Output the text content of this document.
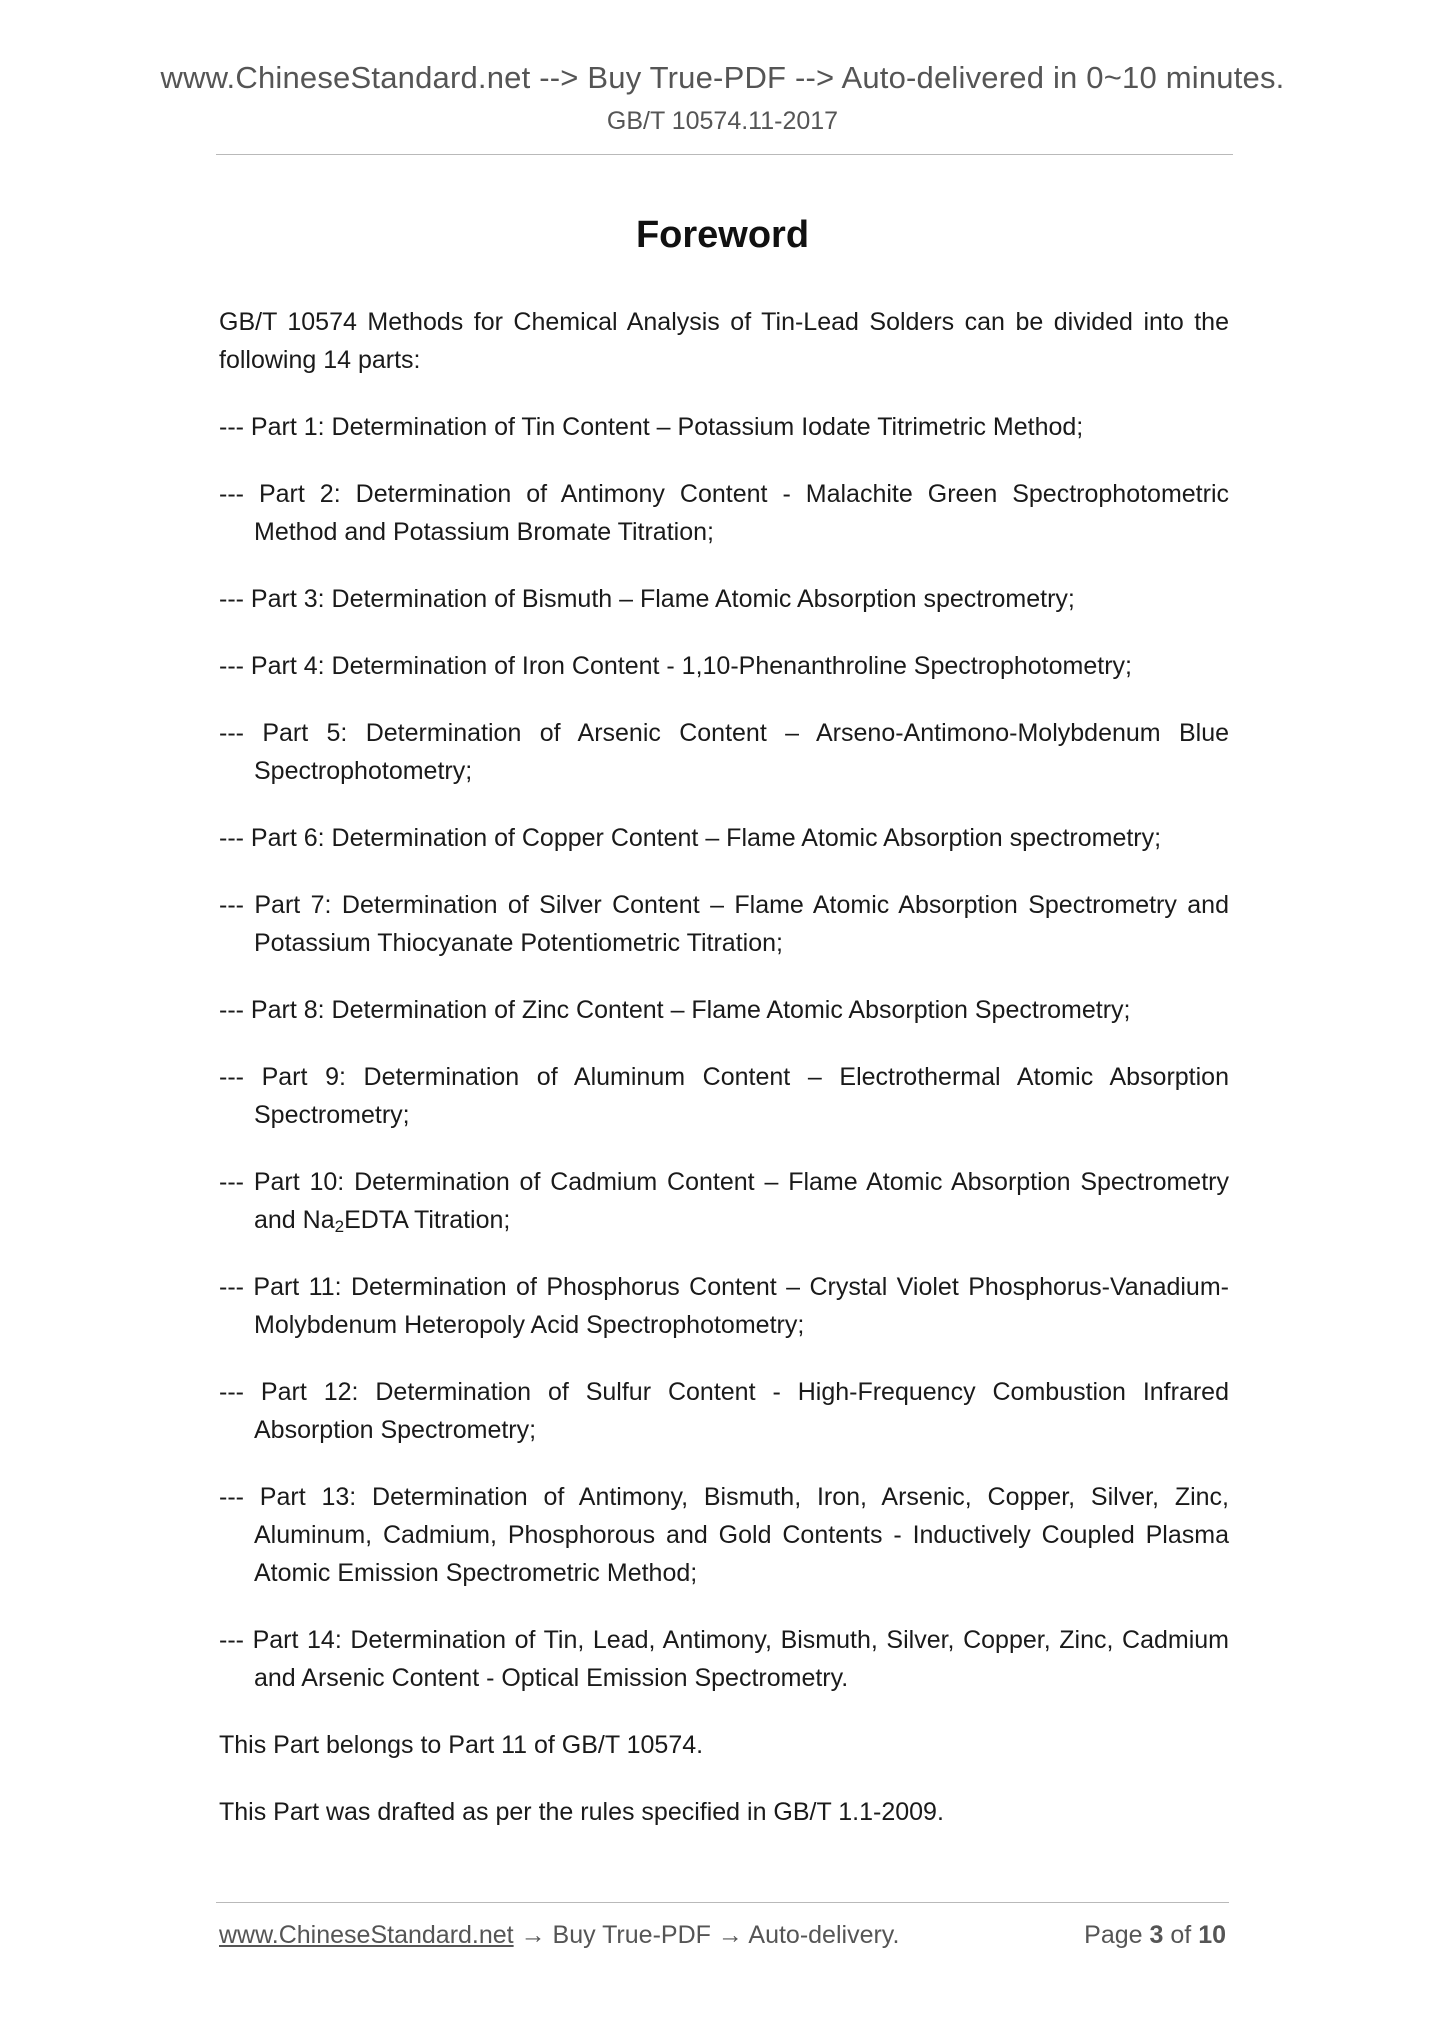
www.ChineseStandard.net --> Buy True-PDF --> Auto-delivered in 0~10 minutes.
GB/T 10574.11-2017
Foreword

GB/T 10574 Methods for Chemical Analysis of Tin-Lead Solders can be divided into the following 14 parts:

--- Part 1: Determination of Tin Content – Potassium Iodate Titrimetric Method;
--- Part 2: Determination of Antimony Content - Malachite Green Spectrophotometric Method and Potassium Bromate Titration;
--- Part 3: Determination of Bismuth – Flame Atomic Absorption spectrometry;
--- Part 4: Determination of Iron Content - 1,10-Phenanthroline Spectrophotometry;
--- Part 5: Determination of Arsenic Content – Arseno-Antimono-Molybdenum Blue Spectrophotometry;
--- Part 6: Determination of Copper Content – Flame Atomic Absorption spectrometry;
--- Part 7: Determination of Silver Content – Flame Atomic Absorption Spectrometry and Potassium Thiocyanate Potentiometric Titration;
--- Part 8: Determination of Zinc Content – Flame Atomic Absorption Spectrometry;
--- Part 9: Determination of Aluminum Content – Electrothermal Atomic Absorption Spectrometry;
--- Part 10: Determination of Cadmium Content – Flame Atomic Absorption Spectrometry and $Na_2EDTA$ Titration;
--- Part 11: Determination of Phosphorus Content – Crystal Violet Phosphorus-Vanadium-Molybdenum Heteropoly Acid Spectrophotometry;
--- Part 12: Determination of Sulfur Content - High-Frequency Combustion Infrared Absorption Spectrometry;
--- Part 13: Determination of Antimony, Bismuth, Iron, Arsenic, Copper, Silver, Zinc, Aluminum, Cadmium, Phosphorous and Gold Contents - Inductively Coupled Plasma Atomic Emission Spectrometric Method;
--- Part 14: Determination of Tin, Lead, Antimony, Bismuth, Silver, Copper, Zinc, Cadmium and Arsenic Content - Optical Emission Spectrometry.

This Part belongs to Part 11 of GB/T 10574.

This Part was drafted as per the rules specified in GB/T 1.1-2009.

www.ChineseStandard.net → Buy True-PDF → Auto-delivery.	Page 3 of 10
